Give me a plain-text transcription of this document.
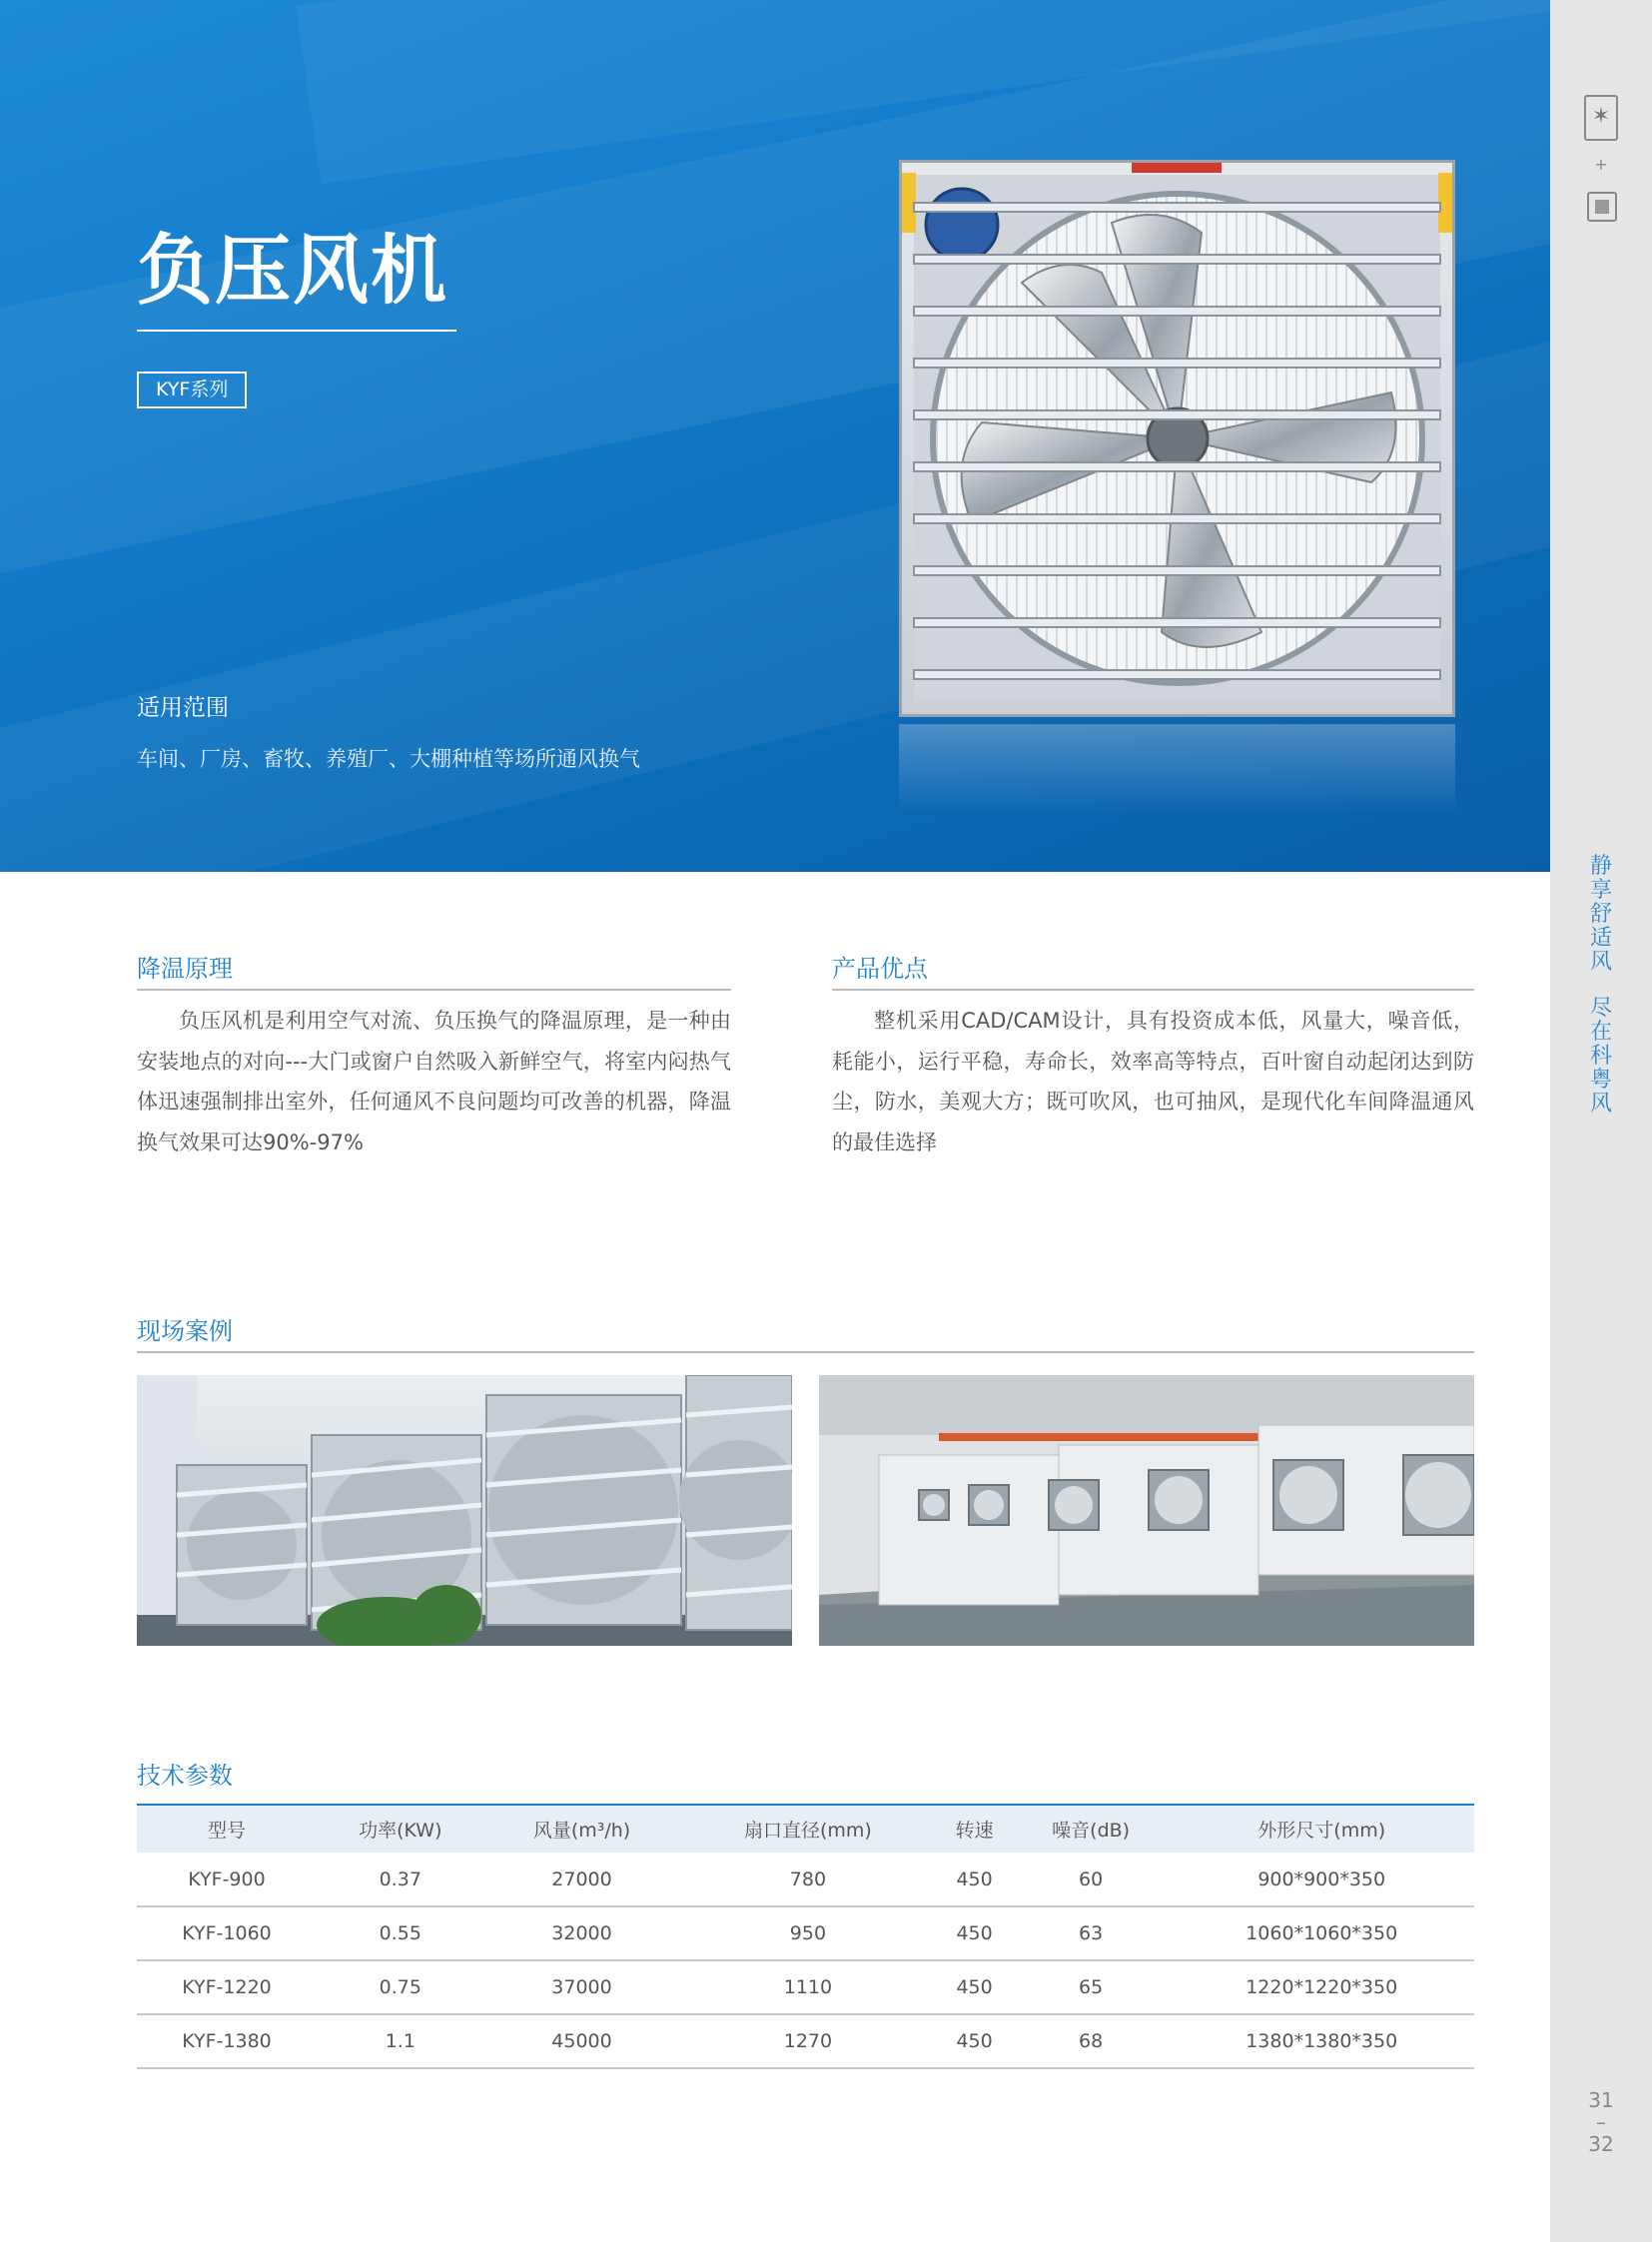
负压风机
KYF系列
适用范围
车间、厂房、畜牧、养殖厂、大棚种植等场所通风换气
✶
+
静
享
舒
适
风
尽
在
科
粤
风
31
–
32
降温原理
负压风机是利用空气对流、负压换气的降温原理，是一种由安装地点的对向---大门或窗户自然吸入新鲜空气，将室内闷热气体迅速强制排出室外，任何通风不良问题均可改善的机器，降温换气效果可达90%-97%
产品优点
整机采用CAD/CAM设计，具有投资成本低，风量大，噪音低，耗能小，运行平稳，寿命长，效率高等特点，百叶窗自动起闭达到防尘，防水，美观大方；既可吹风，也可抽风，是现代化车间降温通风的最佳选择
现场案例
技术参数
型号	功率(KW)	风量(m³/h)	扇口直径(mm)	转速	噪音(dB)	外形尺寸(mm)
KYF-900	0.37	27000	780	450	60	900*900*350
KYF-1060	0.55	32000	950	450	63	1060*1060*350
KYF-1220	0.75	37000	1110	450	65	1220*1220*350
KYF-1380	1.1	45000	1270	450	68	1380*1380*350
